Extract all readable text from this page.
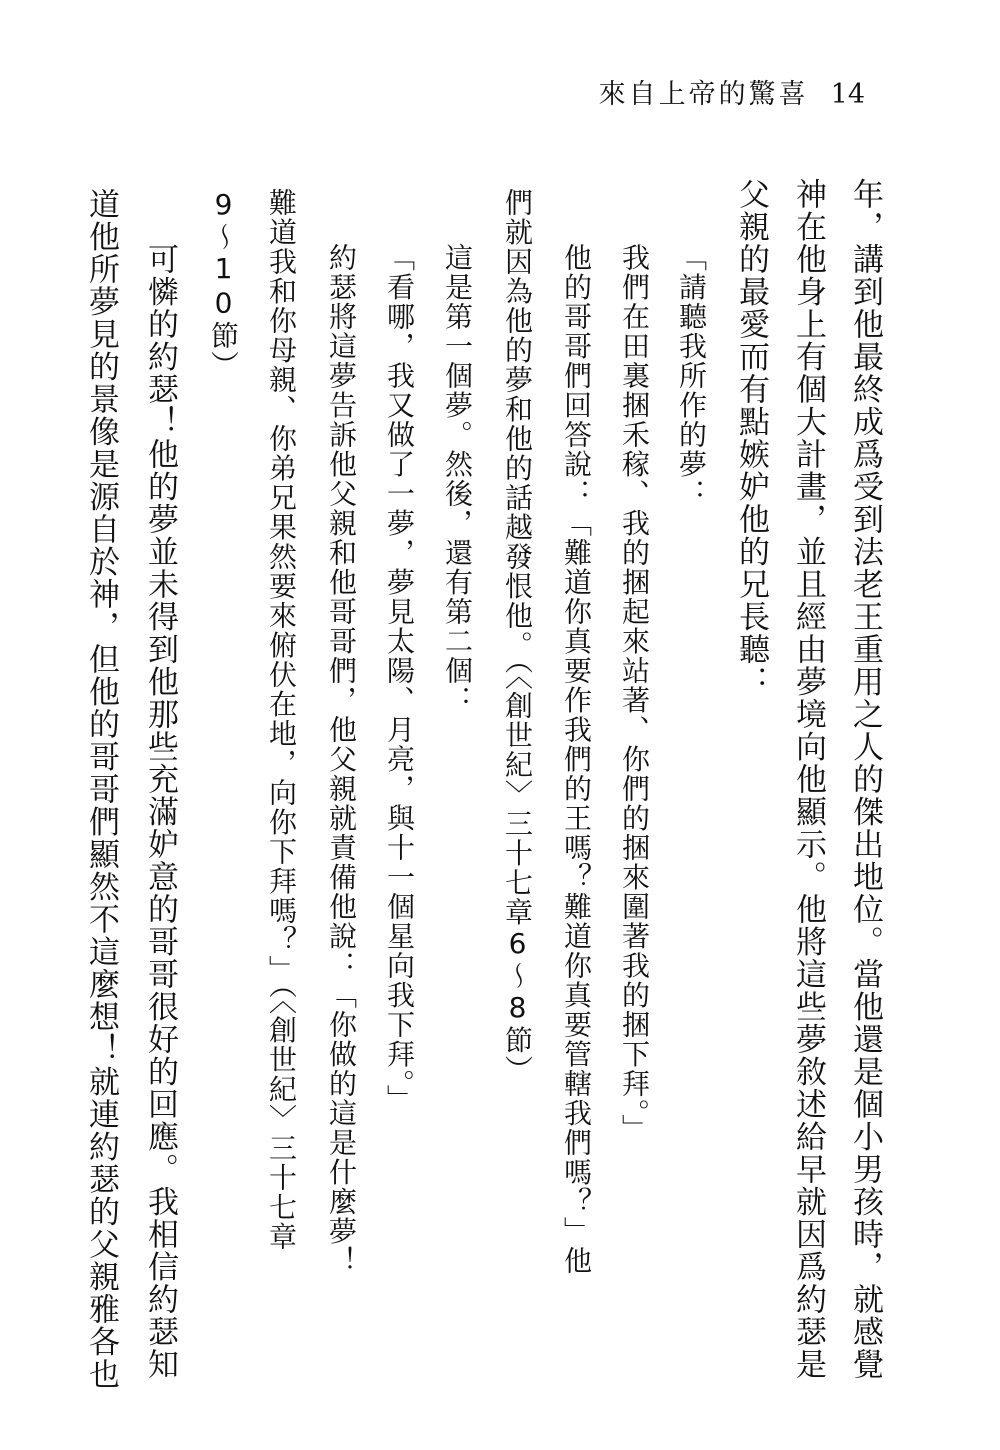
來自上帝的驚喜 14
年，講到他最終成爲受到法老王重用之人的傑出地位。當他還是個小男孩時，就感覺
神在他身上有個大計畫，並且經由夢境向他顯示。他將這些夢敘述給早就因爲約瑟是
父親的最愛而有點嫉妒他的兄長聽：
「請聽我所作的夢：
我們在田裏捆禾稼、我的捆起來站著、你們的捆來圍著我的捆下拜。」
他的哥哥們回答說：「難道你真要作我們的王嗎？難道你真要管轄我們嗎？」他
們就因為他的夢和他的話越發恨他。（〈創世紀〉三十七章6～8節）
這是第一個夢。然後，還有第二個：
「看哪，我又做了一夢，夢見太陽、月亮，與十一個星向我下拜。」
約瑟將這夢告訴他父親和他哥哥們，他父親就責備他說：「你做的這是什麼夢！
難道我和你母親、你弟兄果然要來俯伏在地，向你下拜嗎？」（〈創世紀〉三十七章
9～10節）
可憐的約瑟！他的夢並未得到他那些充滿妒意的哥哥很好的回應。我相信約瑟知
道他所夢見的景像是源自於神，但他的哥哥們顯然不這麼想！就連約瑟的父親雅各也
